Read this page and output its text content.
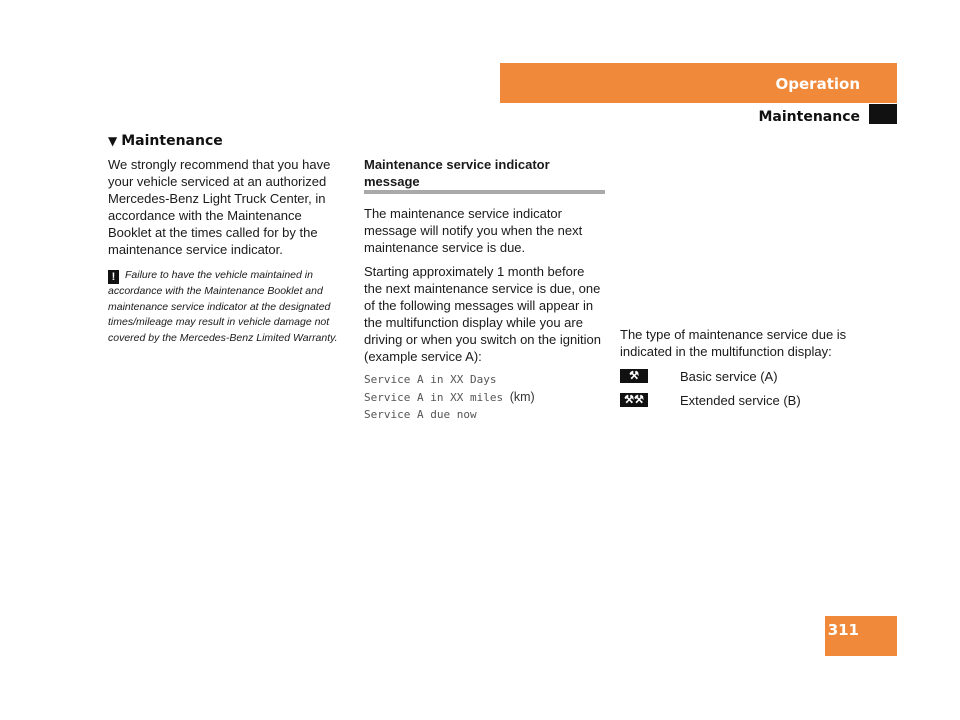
Operation
Maintenance
▼ Maintenance
We strongly recommend that you have your vehicle serviced at an authorized Mercedes-Benz Light Truck Center, in accordance with the Maintenance Booklet at the times called for by the maintenance service indicator.
! Failure to have the vehicle maintained in accordance with the Maintenance Booklet and maintenance service indicator at the designated times/mileage may result in vehicle damage not covered by the Mercedes-Benz Limited Warranty.
Maintenance service indicator message
The maintenance service indicator message will notify you when the next maintenance service is due.
Starting approximately 1 month before the next maintenance service is due, one of the following messages will appear in the multifunction display while you are driving or when you switch on the ignition (example service A):
Service A in XX Days
Service A in XX miles (km)
Service A due now
The type of maintenance service due is indicated in the multifunction display:
⚒	Basic service (A)
⚒⚒	Extended service (B)
311
